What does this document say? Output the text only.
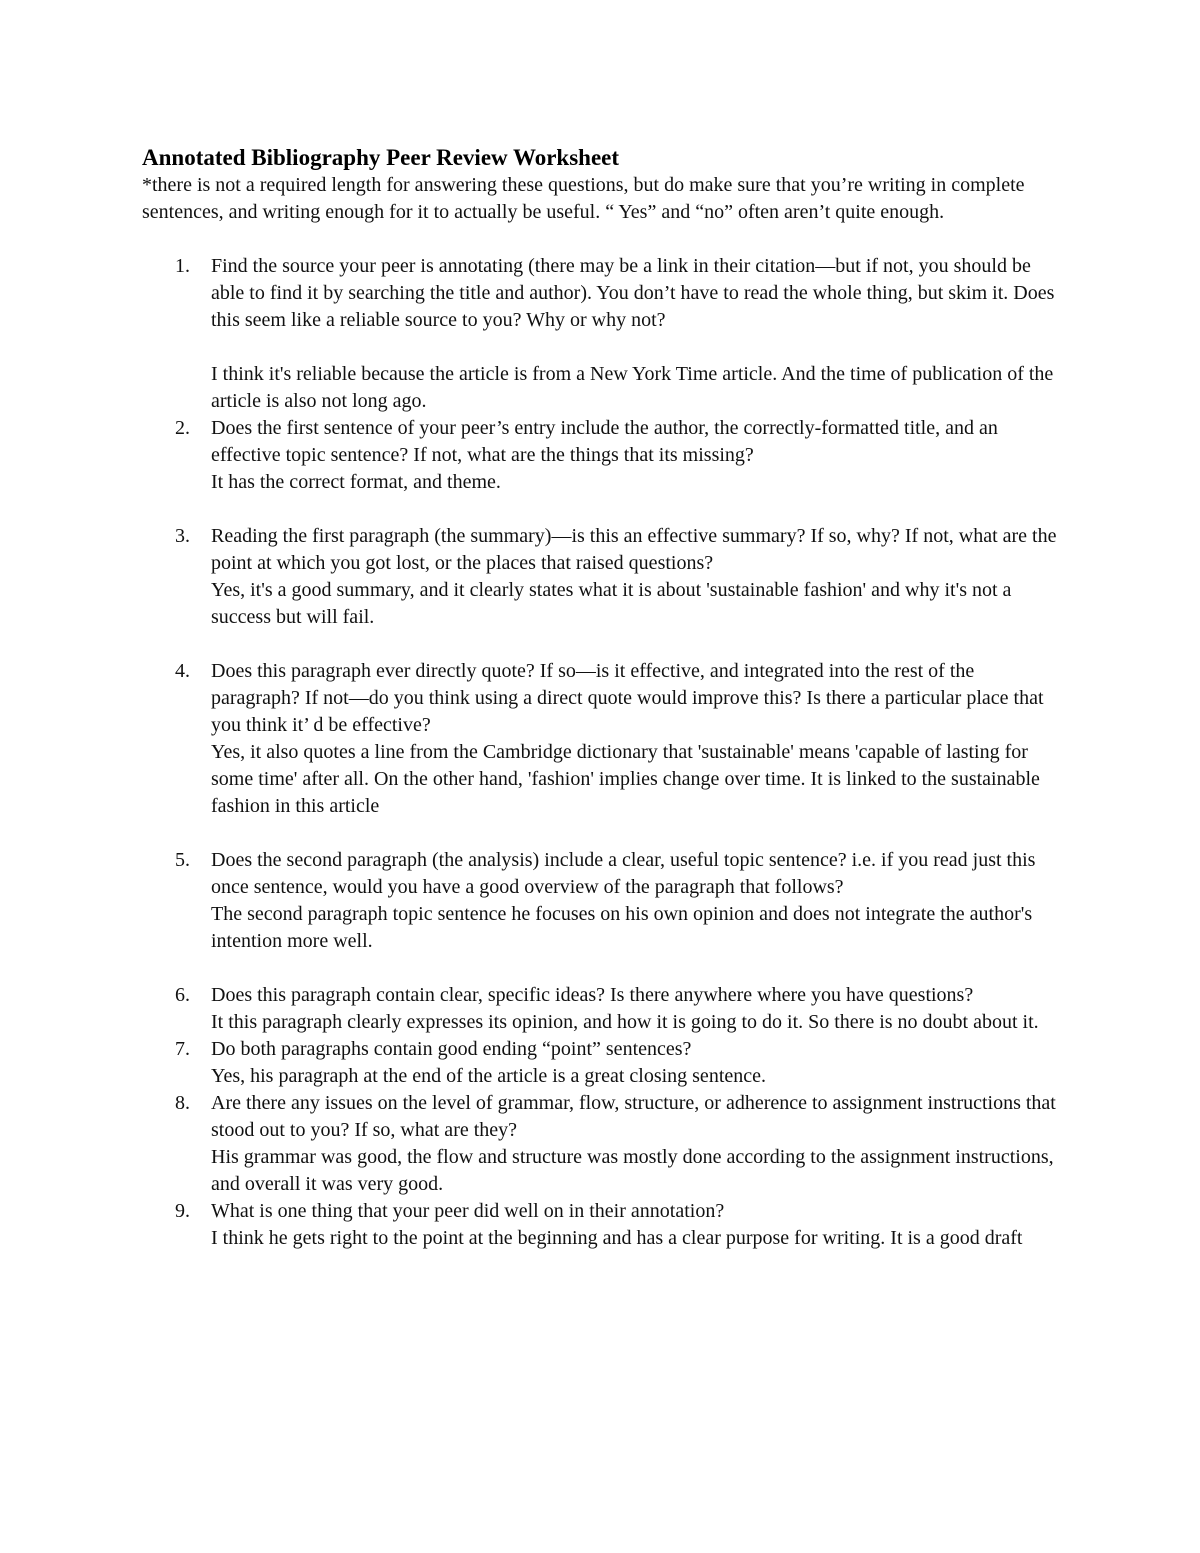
Annotated Bibliography Peer Review Worksheet

*there is not a required length for answering these questions, but do make sure that you’re writing in complete sentences, and writing enough for it to actually be useful. “ Yes” and “no” often aren’t quite enough.

1. Find the source your peer is annotating (there may be a link in their citation—but if not, you should be able to find it by searching the title and author). You don’t have to read the whole thing, but skim it. Does this seem like a reliable source to you? Why or why not?
I think it's reliable because the article is from a New York Time article. And the time of publication of the article is also not long ago.
2. Does the first sentence of your peer’s entry include the author, the correctly-formatted title, and an effective topic sentence? If not, what are the things that its missing?
It has the correct format, and theme.
3. Reading the first paragraph (the summary)—is this an effective summary? If so, why? If not, what are the point at which you got lost, or the places that raised questions?
Yes, it's a good summary, and it clearly states what it is about 'sustainable fashion' and why it's not a success but will fail.
4. Does this paragraph ever directly quote? If so—is it effective, and integrated into the rest of the paragraph? If not—do you think using a direct quote would improve this? Is there a particular place that you think it’ d be effective?
Yes, it also quotes a line from the Cambridge dictionary that 'sustainable' means 'capable of lasting for some time' after all. On the other hand, 'fashion' implies change over time. It is linked to the sustainable fashion in this article
5. Does the second paragraph (the analysis) include a clear, useful topic sentence? i.e. if you read just this once sentence, would you have a good overview of the paragraph that follows?
The second paragraph topic sentence he focuses on his own opinion and does not integrate the author's intention more well.
6. Does this paragraph contain clear, specific ideas? Is there anywhere where you have questions?
It this paragraph clearly expresses its opinion, and how it is going to do it. So there is no doubt about it.
7. Do both paragraphs contain good ending “point” sentences?
Yes, his paragraph at the end of the article is a great closing sentence.
8. Are there any issues on the level of grammar, flow, structure, or adherence to assignment instructions that stood out to you? If so, what are they?
His grammar was good, the flow and structure was mostly done according to the assignment instructions, and overall it was very good.
9. What is one thing that your peer did well on in their annotation?
I think he gets right to the point at the beginning and has a clear purpose for writing. It is a good draft
